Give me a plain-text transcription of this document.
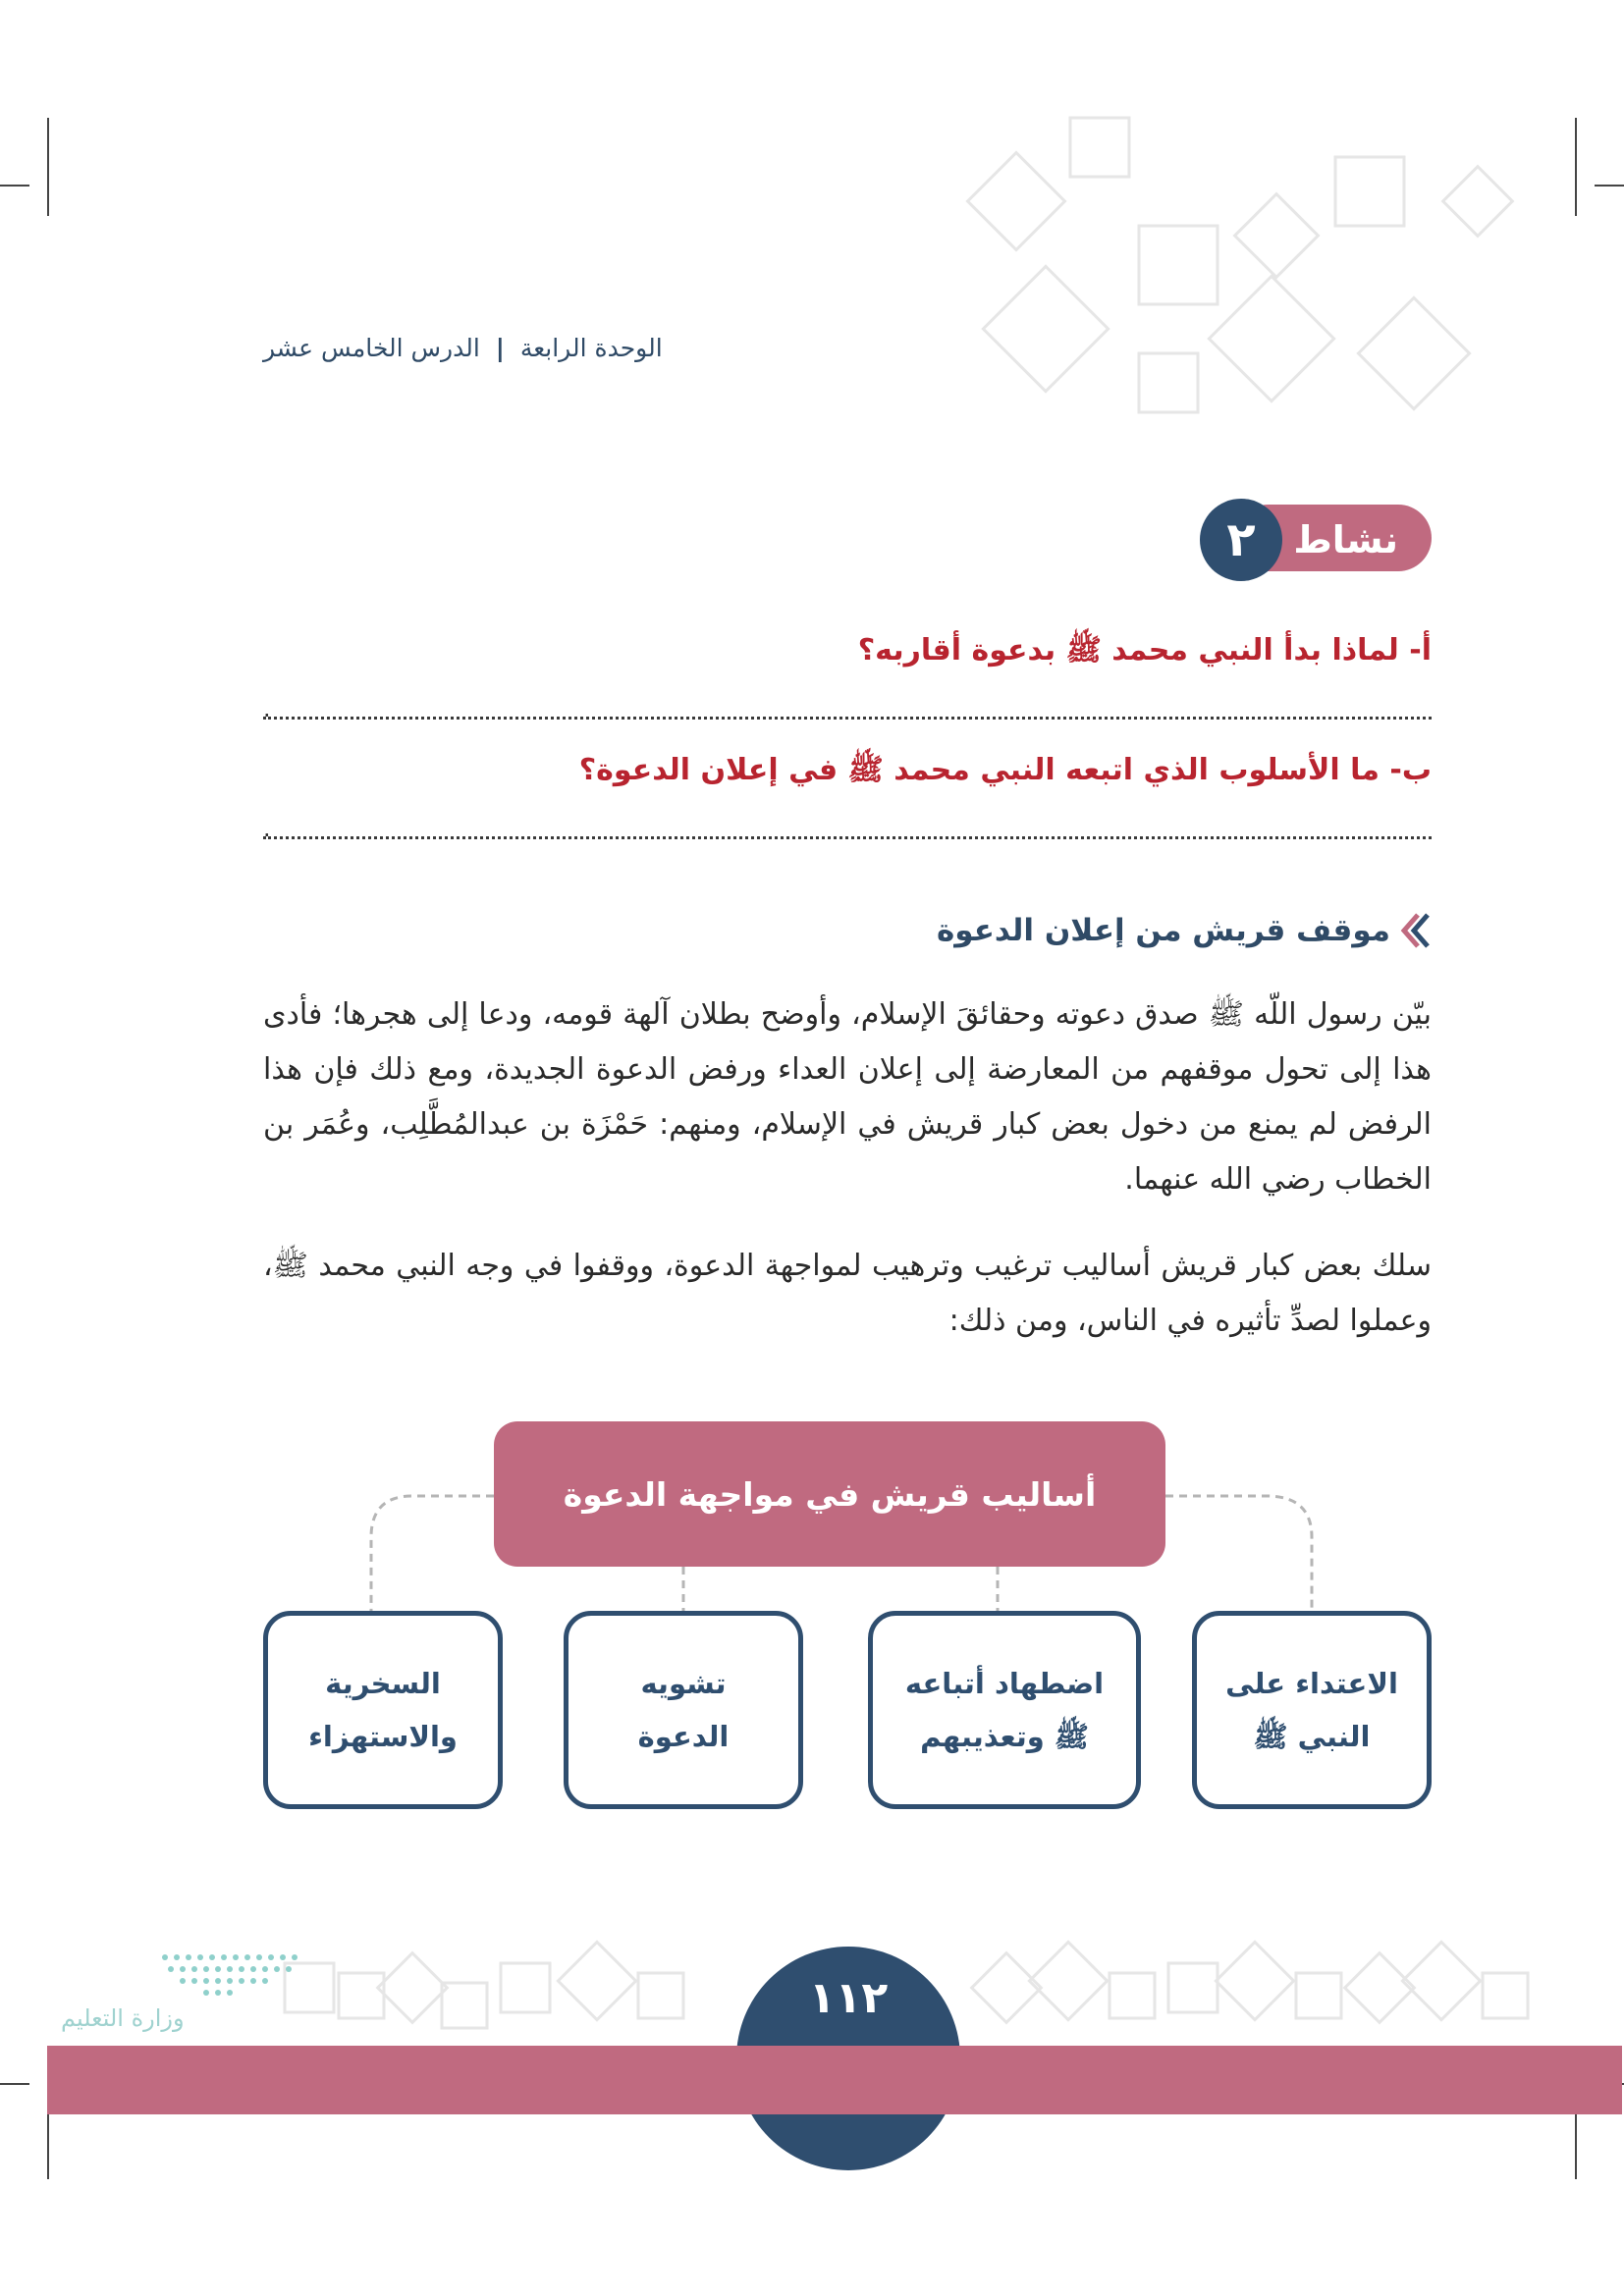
الوحدة الرابعة | الدرس الخامس عشر
نشاط
٢
أ- لماذا بدأ النبي محمد ﷺ بدعوة أقاربه؟
.
ب- ما الأسلوب الذي اتبعه النبي محمد ﷺ في إعلان الدعوة؟
.
موقف قريش من إعلان الدعوة
بيّن رسول اللّه ﷺ صدق دعوته وحقائقَ الإسلام، وأوضح بطلان آلهة قومه، ودعا إلى هجرها؛ فأدى هذا إلى تحول موقفهم من المعارضة إلى إعلان العداء ورفض الدعوة الجديدة، ومع ذلك فإن هذا الرفض لم يمنع من دخول بعض كبار قريش في الإسلام، ومنهم: حَمْزَة بن عبدالمُطَّلِب، وعُمَر بن الخطاب رضي الله عنهما.
سلك بعض كبار قريش أساليب ترغيب وترهيب لمواجهة الدعوة، ووقفوا في وجه النبي محمد ﷺ، وعملوا لصدِّ تأثيره في الناس، ومن ذلك:
أساليب قريش في مواجهة الدعوة
الاعتداء على
النبي ﷺ
اضطهاد أتباعه
ﷺ وتعذيبهم
تشويه
الدعوة
السخرية
والاستهزاء
١١٢
وزارة التعليم
